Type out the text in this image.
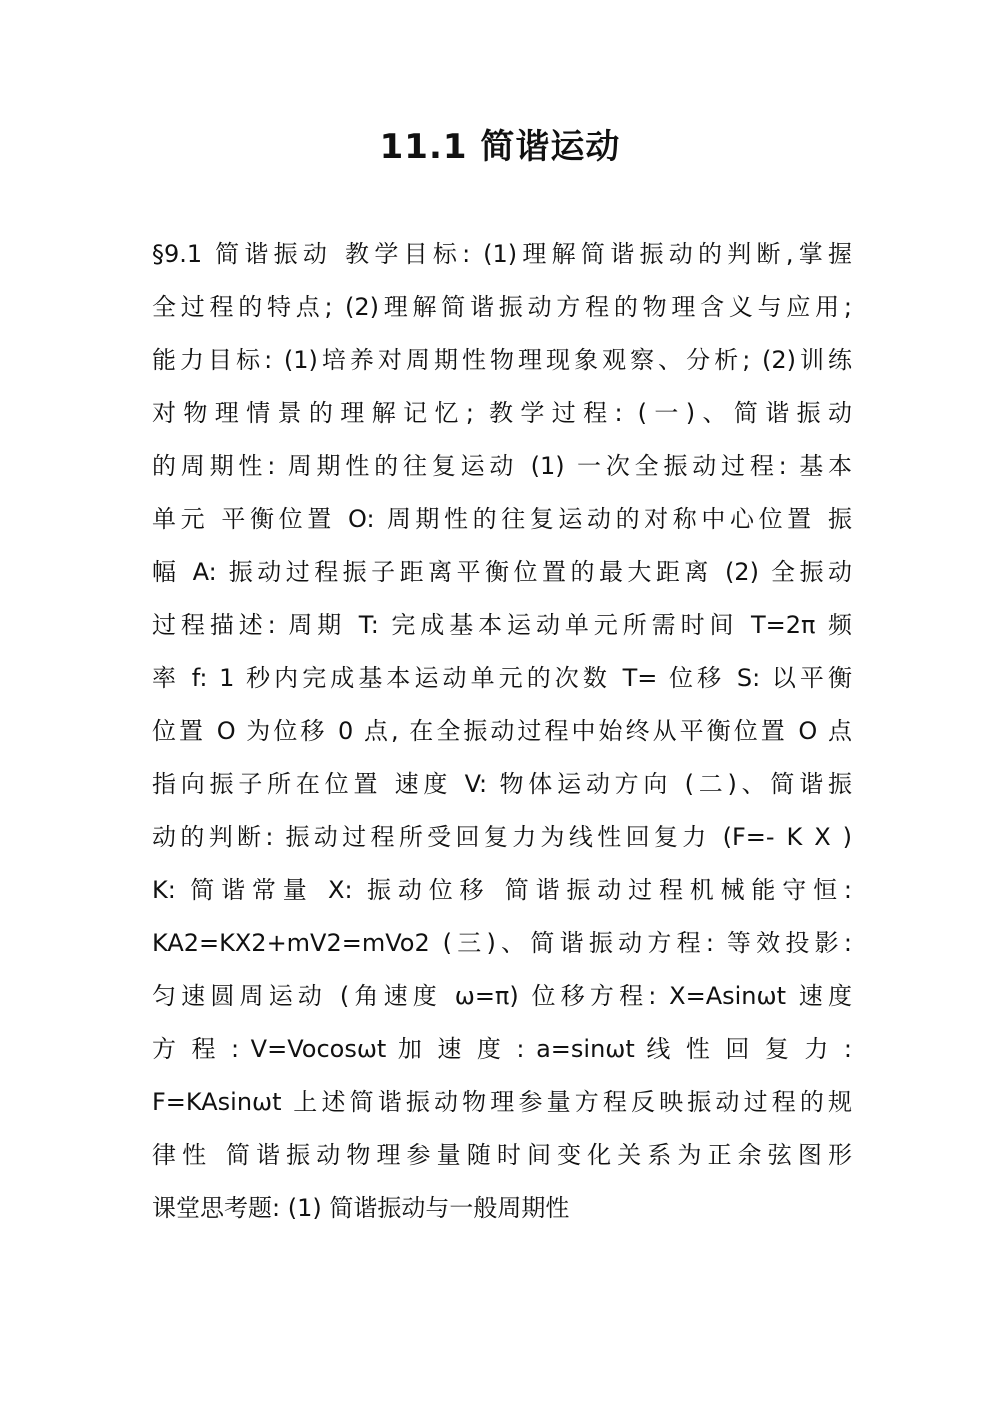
11.1 简谐运动
§9.1 简谐振动 教学目标: (1)理解简谐振动的判断,掌握
全过程的特点; (2)理解简谐振动方程的物理含义与应用;
能力目标: (1)培养对周期性物理现象观察、分析; (2)训练
对物理情景的理解记忆; 教学过程: (一)、简谐振动
的周期性: 周期性的往复运动 (1) 一次全振动过程: 基本
单元 平衡位置 O: 周期性的往复运动的对称中心位置 振
幅 A: 振动过程振子距离平衡位置的最大距离 (2) 全振动
过程描述: 周期 T: 完成基本运动单元所需时间 T=2π 频
率 f: 1 秒内完成基本运动单元的次数 T= 位移 S: 以平衡
位置 O 为位移 0 点, 在全振动过程中始终从平衡位置 O 点
指向振子所在位置 速度 V: 物体运动方向 (二)、简谐振
动的判断: 振动过程所受回复力为线性回复力 (F=- K X )
K: 简谐常量 X: 振动位移 简谐振动过程机械能守恒:
KA2=KX2+mV2=mVo2 (三)、简谐振动方程: 等效投影:
匀速圆周运动 (角速度 ω=π) 位移方程: X=Asinωt 速度
方 程 : V=Vocosωt 加 速 度 : a=sinωt 线 性 回 复 力 :
F=KAsinωt 上述简谐振动物理参量方程反映振动过程的规
律性 简谐振动物理参量随时间变化关系为正余弦图形
课堂思考题: (1) 简谐振动与一般周期性
